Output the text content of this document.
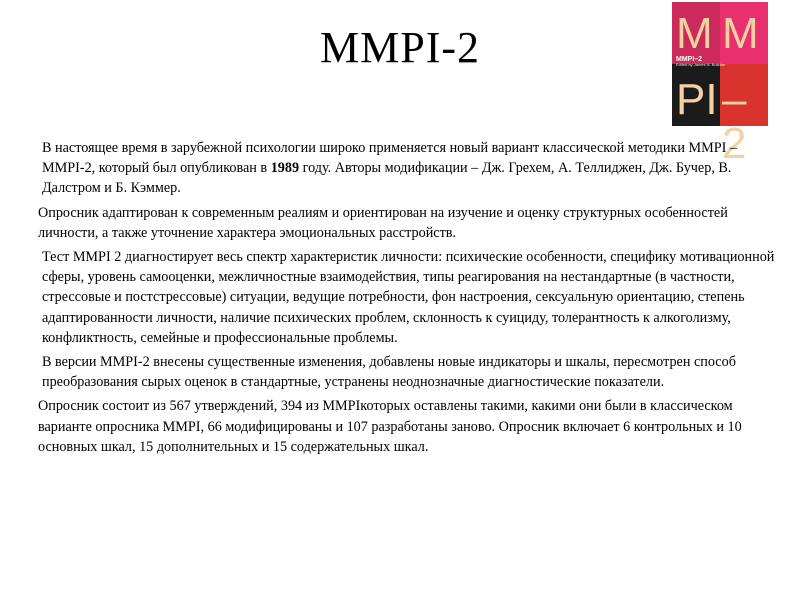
MMPI-2	M M
PI –2
MMPI–2
Edited by James N. Butcher

В настоящее время в зарубежной психологии широко применяется новый вариант классической методики MMPI – MMPI-2, который был опубликован в 1989 году. Авторы модификации – Дж. Грехем, А. Теллиджен, Дж. Бучер, В. Далстром и Б. Кэммер.

Опросник адаптирован к современным реалиям и ориентирован на изучение и оценку структурных особенностей личности, а также уточнение характера эмоциональных расстройств.

Тест MMPI 2 диагностирует весь спектр характеристик личности: психические особенности, специфику мотивационной сферы, уровень самооценки, межличностные взаимодействия, типы реагирования на нестандартные (в частности, стрессовые и постстрессовые) ситуации, ведущие потребности, фон настроения, сексуальную ориентацию, степень адаптированности личности, наличие психических проблем, склонность к суициду, толерантность к алкоголизму, конфликтность, семейные и профессиональные проблемы.

В версии MMPI-2 внесены существенные изменения, добавлены новые индикаторы и шкалы, пересмотрен способ преобразования сырых оценок в стандартные, устранены неоднозначные диагностические показатели.

Опросник состоит из 567 утверждений, 394 из MMPIкоторых оставлены такими, какими они были в классическом варианте опросника MMPI, 66 модифицированы и 107 разработаны заново. Опросник включает 6 контрольных и 10 основных шкал, 15 дополнительных и 15 содержательных шкал.
